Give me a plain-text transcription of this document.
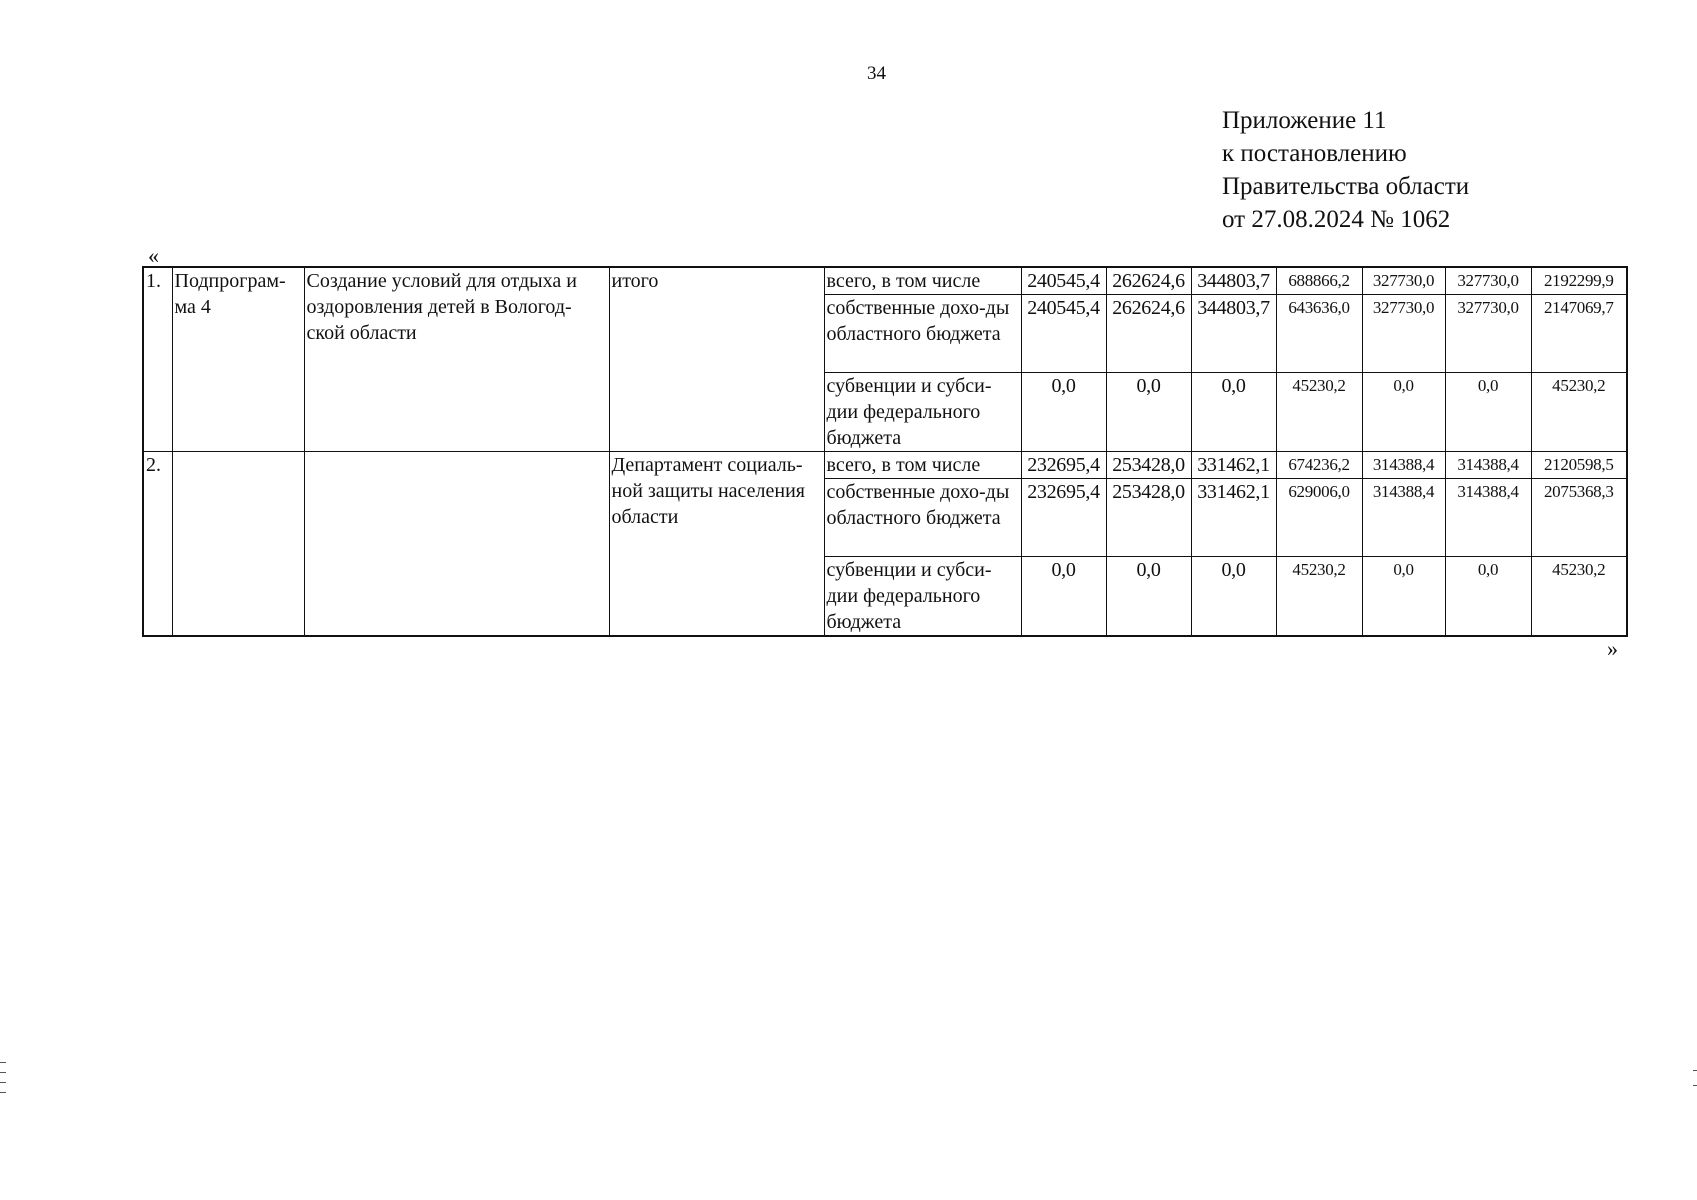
34
Приложение 11
к постановлению
Правительства области
от 27.08.2024 № 1062
«
1.	Подпрограм-ма 4	Создание условий для отдыха и оздоровления детей в Вологод-ской области	итого	всего, в том числе	240545,4	262624,6	344803,7	688866,2	327730,0	327730,0	2192299,9
				собственные дохо-ды областного бюджета	240545,4	262624,6	344803,7	643636,0	327730,0	327730,0	2147069,7
				субвенции и субси-дии федерального бюджета	0,0	0,0	0,0	45230,2	0,0	0,0	45230,2
2.			Департамент социаль-ной защиты населения области	всего, в том числе	232695,4	253428,0	331462,1	674236,2	314388,4	314388,4	2120598,5
				собственные дохо-ды областного бюджета	232695,4	253428,0	331462,1	629006,0	314388,4	314388,4	2075368,3
				субвенции и субси-дии федерального бюджета	0,0	0,0	0,0	45230,2	0,0	0,0	45230,2
»
